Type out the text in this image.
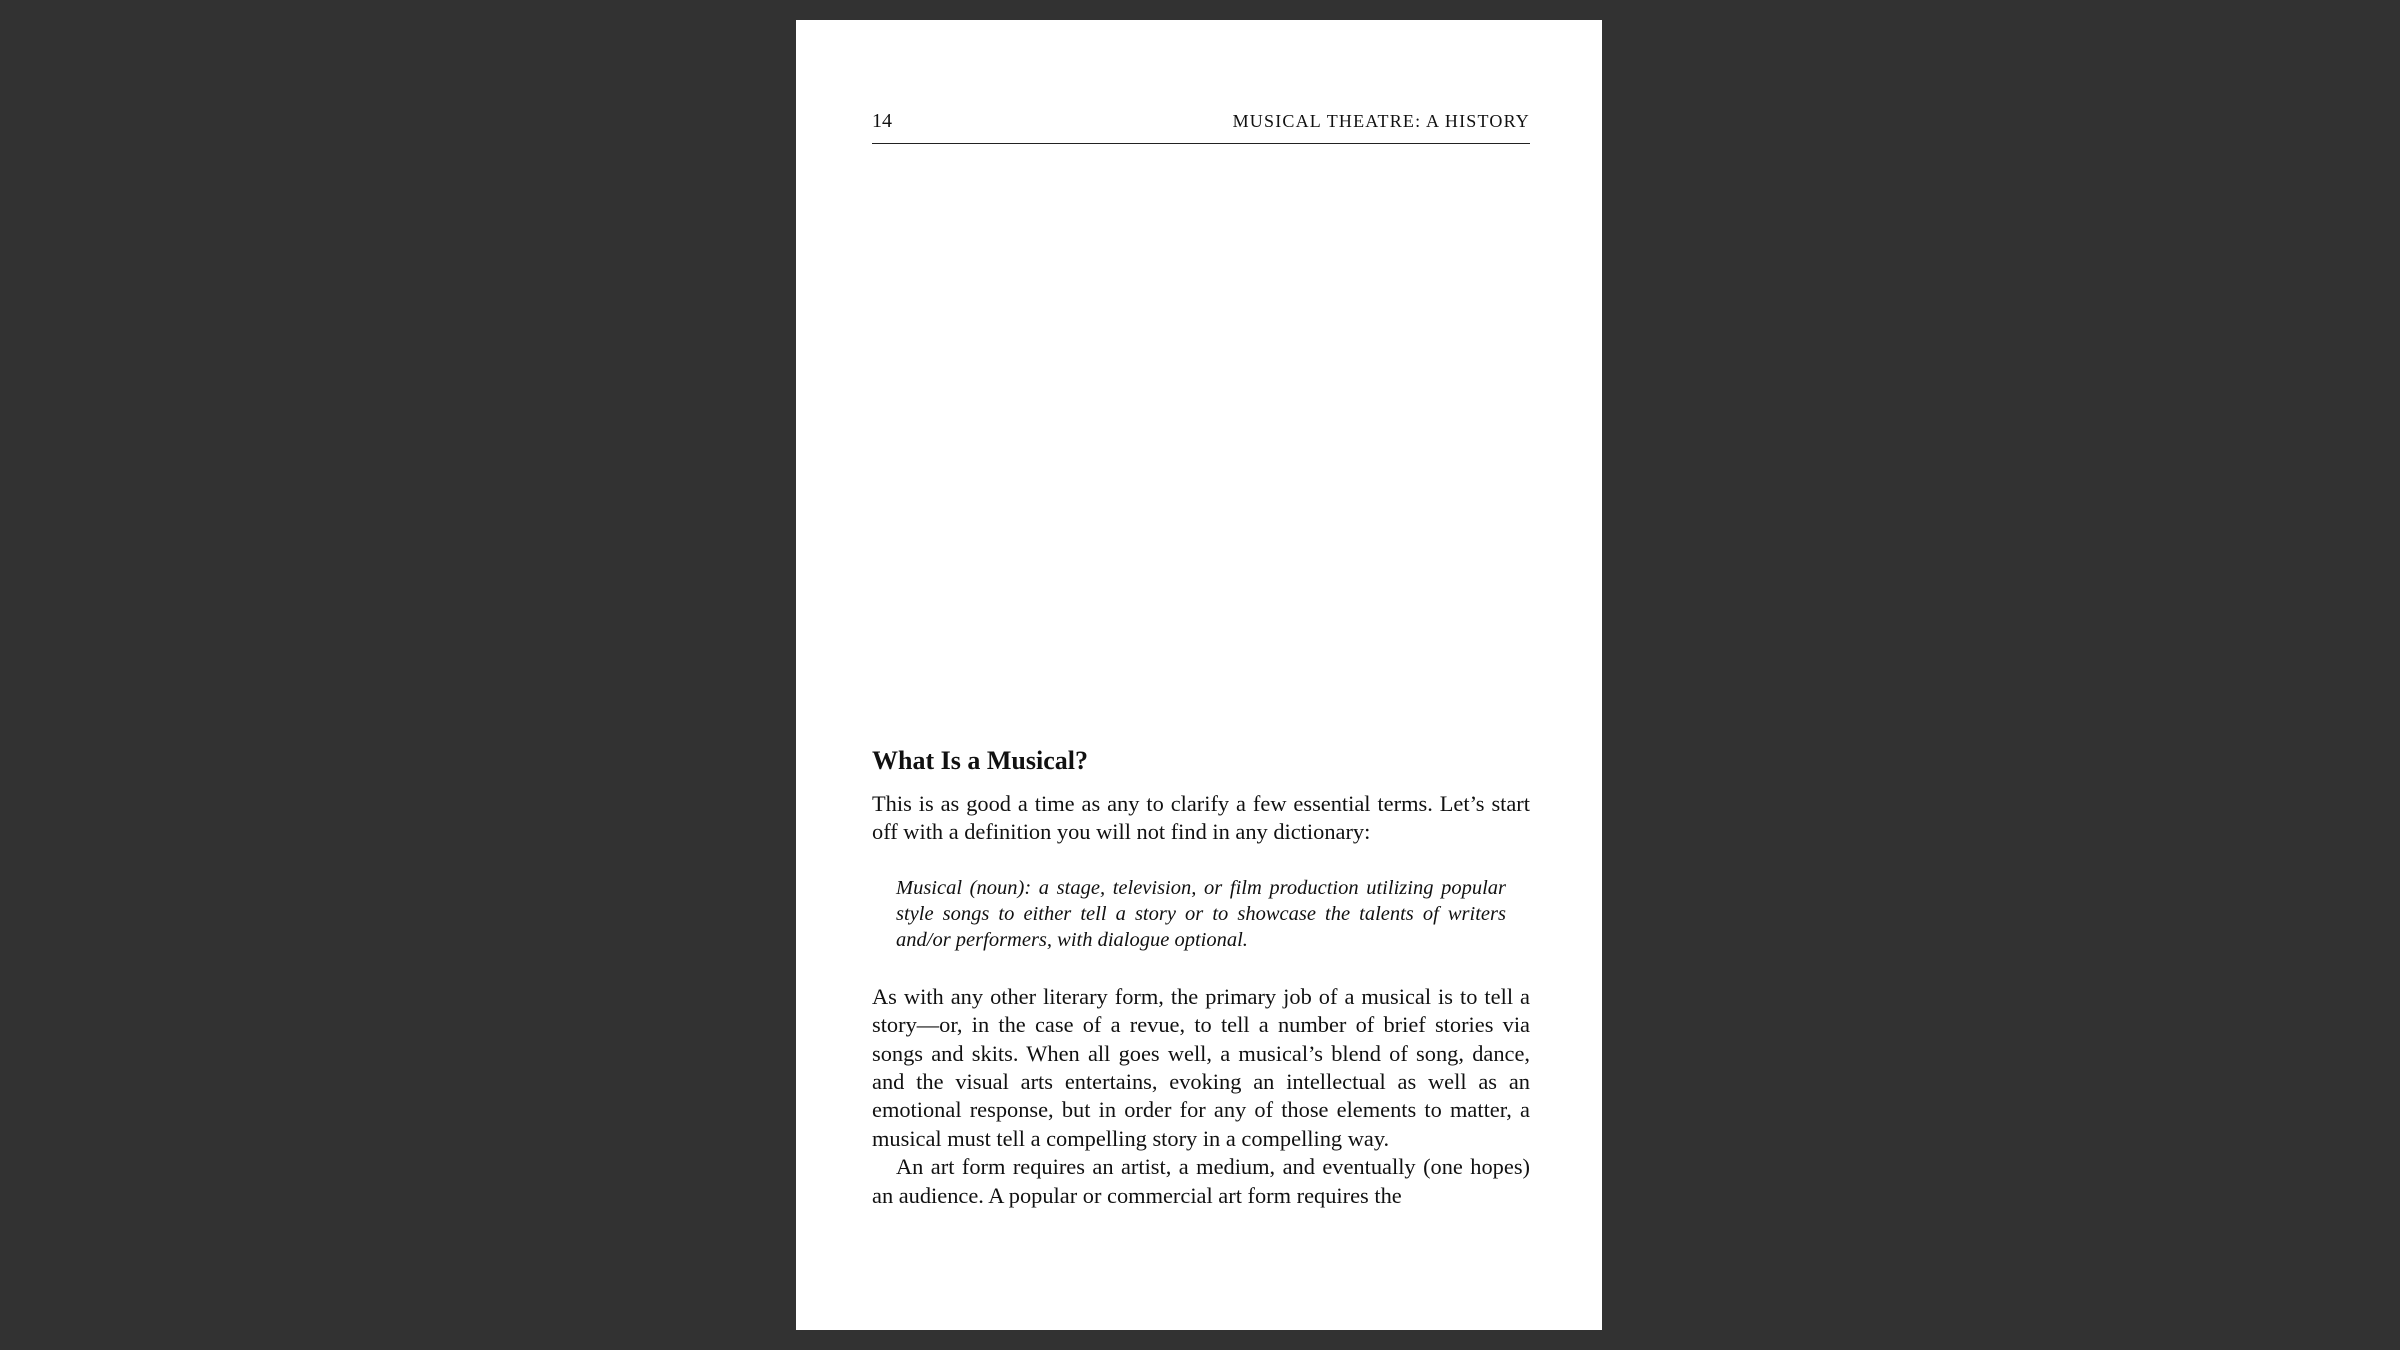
14	MUSICAL THEATRE: A HISTORY
What Is a Musical?

This is as good a time as any to clarify a few essential terms. Let’s start off with a definition you will not find in any dictionary:

Musical (noun): a stage, television, or film production utilizing popular style songs to either tell a story or to showcase the talents of writers and/or performers, with dialogue optional.

As with any other literary form, the primary job of a musical is to tell a story—or, in the case of a revue, to tell a number of brief stories via songs and skits. When all goes well, a musical’s blend of song, dance, and the visual arts entertains, evoking an intellectual as well as an emotional response, but in order for any of those elements to matter, a musical must tell a compelling story in a compelling way.

An art form requires an artist, a medium, and eventually (one hopes) an audience. A popular or commercial art form requires the
